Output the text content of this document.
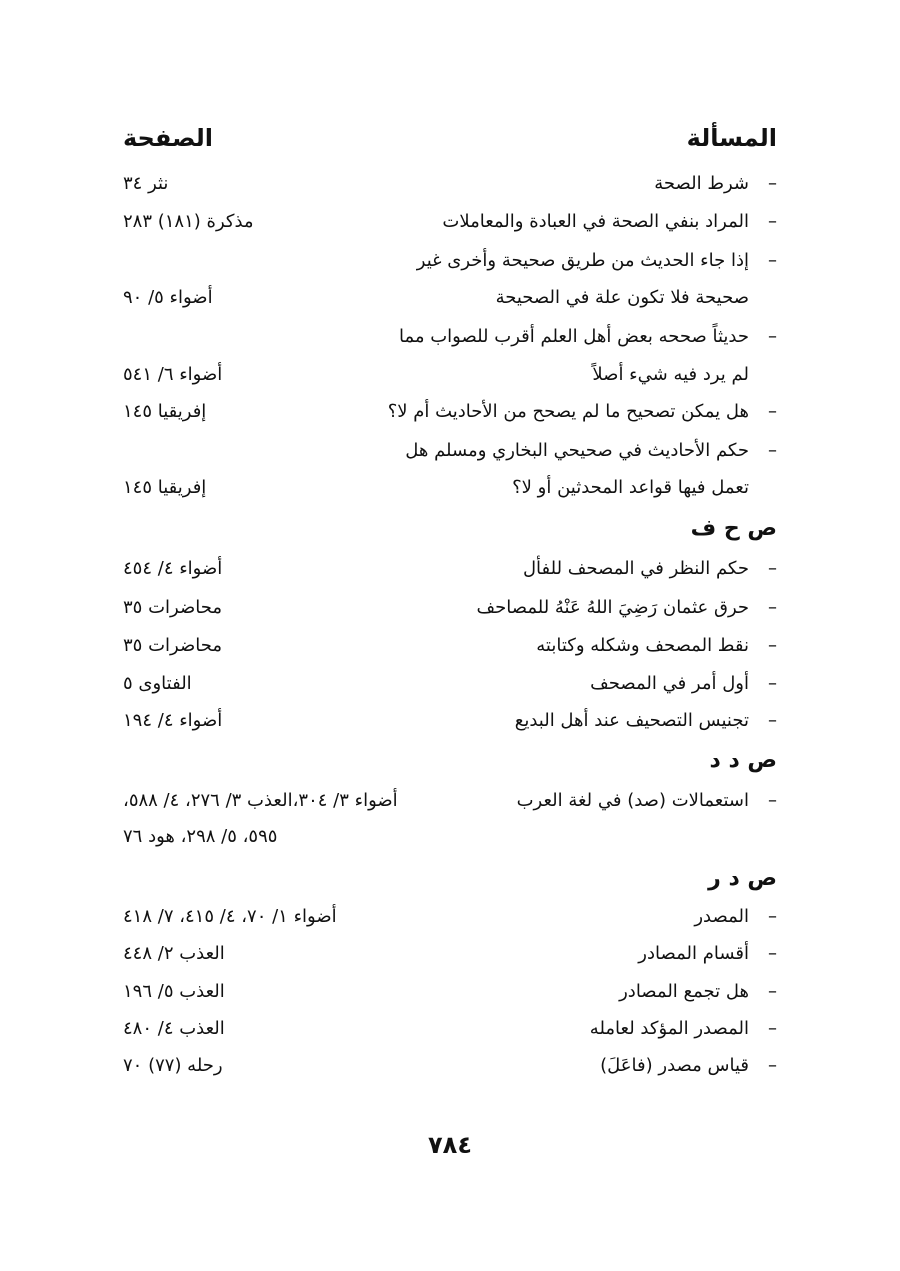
المسألة
الصفحة
–شرط الصحة
نثر ٣٤
–المراد بنفي الصحة في العبادة والمعاملات
مذكرة (١٨١) ٢٨٣
–إذا جاء الحديث من طريق صحيحة وأخرى غير
صحيحة فلا تكون علة في الصحيحة
أضواء ٥/ ٩٠
–حديثاً صححه بعض أهل العلم أقرب للصواب مما
لم يرد فيه شيء أصلاً
أضواء ٦/ ٥٤١
–هل يمكن تصحيح ما لم يصحح من الأحاديث أم لا؟
إفريقيا ١٤٥
–حكم الأحاديث في صحيحي البخاري ومسلم هل
تعمل فيها قواعد المحدثين أو لا؟
إفريقيا ١٤٥
ص ح ف
–حكم النظر في المصحف للفأل
أضواء ٤/ ٤٥٤
–حرق عثمان رَضِيَ اللهُ عَنْهُ للمصاحف
محاضرات ٣٥
–نقط المصحف وشكله وكتابته
محاضرات ٣٥
–أول أمر في المصحف
الفتاوى ٥
–تجنيس التصحيف عند أهل البديع
أضواء ٤/ ١٩٤
ص د د
–استعمالات (صد) في لغة العرب
أضواء ٣/ ٣٠٤،العذب ٣/ ٢٧٦، ٤/ ٥٨٨،
٥٩٥، ٥/ ٢٩٨، هود ٧٦
ص د ر
–المصدر
أضواء ١/ ٧٠، ٤/ ٤١٥، ٧/ ٤١٨
–أقسام المصادر
العذب ٢/ ٤٤٨
–هل تجمع المصادر
العذب ٥/ ١٩٦
–المصدر المؤكد لعامله
العذب ٤/ ٤٨٠
–قياس مصدر (فاعَلَ)
رحله (٧٧) ٧٠
٧٨٤
